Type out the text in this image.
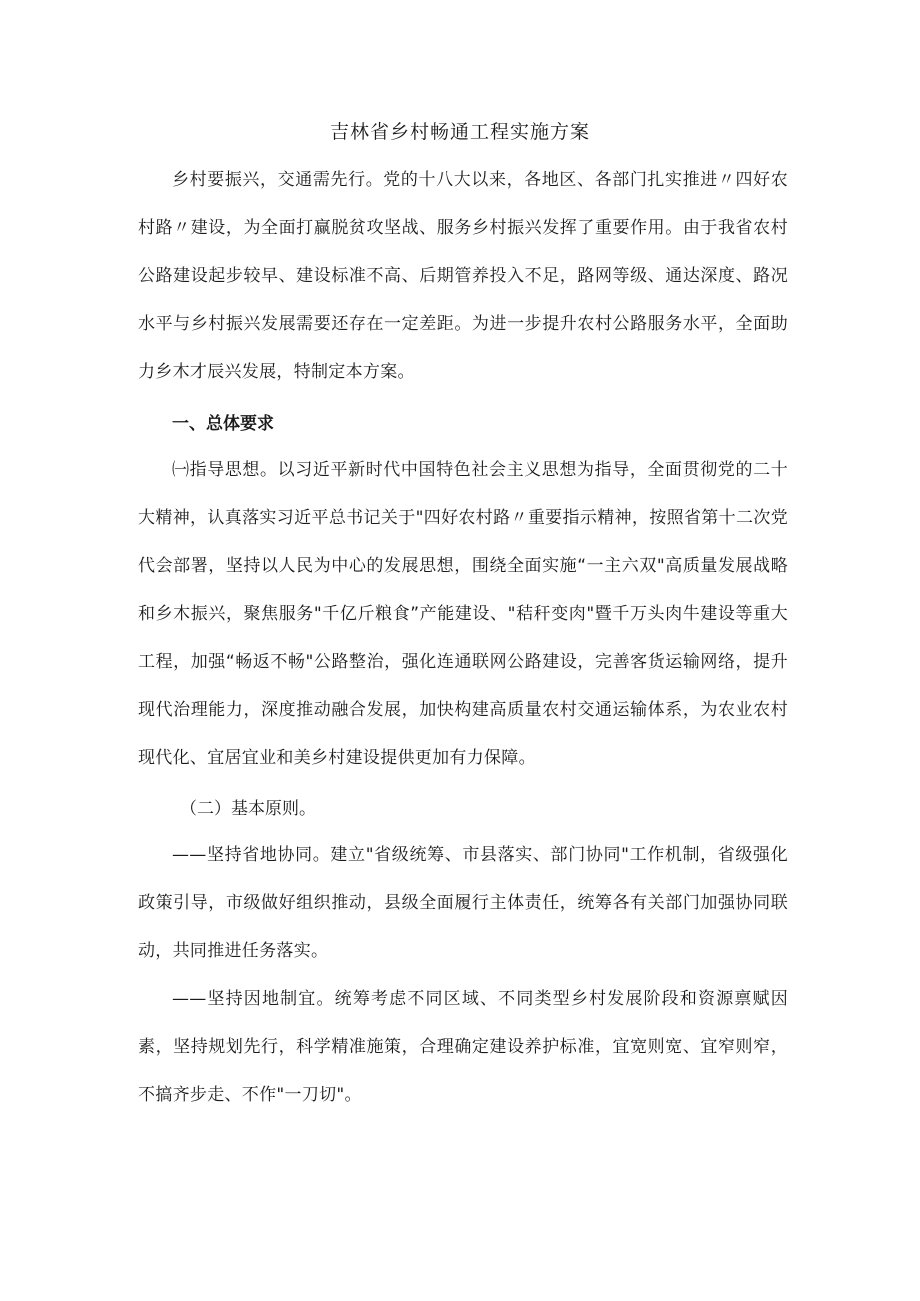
吉林省乡村畅通工程实施方案

乡村要振兴，交通需先行。党的十八大以来，各地区、各部门扎实推进〃四好农村路〃建设，为全面打赢脱贫攻坚战、服务乡村振兴发挥了重要作用。由于我省农村公路建设起步较早、建设标准不高、后期管养投入不足，路网等级、通达深度、路况水平与乡村振兴发展需要还存在一定差距。为进一步提升农村公路服务水平，全面助力乡木才辰兴发展，特制定本方案。

一、总体要求

㈠指导思想。以习近平新时代中国特色社会主义思想为指导，全面贯彻党的二十大精神，认真落实习近平总书记关于"四好农村路〃重要指示精神，按照省第十二次党代会部署，坚持以人民为中心的发展思想，围绕全面实施“一主六双"高质量发展战略和乡木振兴，聚焦服务"千亿斤粮食”产能建设、"秸秆变肉"暨千万头肉牛建设等重大工程，加强“畅返不畅"公路整治，强化连通联网公路建设，完善客货运输网络，提升现代治理能力，深度推动融合发展，加快构建高质量农村交通运输体系，为农业农村现代化、宜居宜业和美乡村建设提供更加有力保障。

（二）基本原则。

——坚持省地协同。建立"省级统筹、市县落实、部门协同"工作机制，省级强化政策引导，市级做好组织推动，县级全面履行主体责任，统筹各有关部门加强协同联动，共同推进任务落实。

——坚持因地制宜。统筹考虑不同区域、不同类型乡村发展阶段和资源禀赋因素，坚持规划先行，科学精准施策，合理确定建设养护标准，宜宽则宽、宜窄则窄，不搞齐步走、不作"一刀切"。
